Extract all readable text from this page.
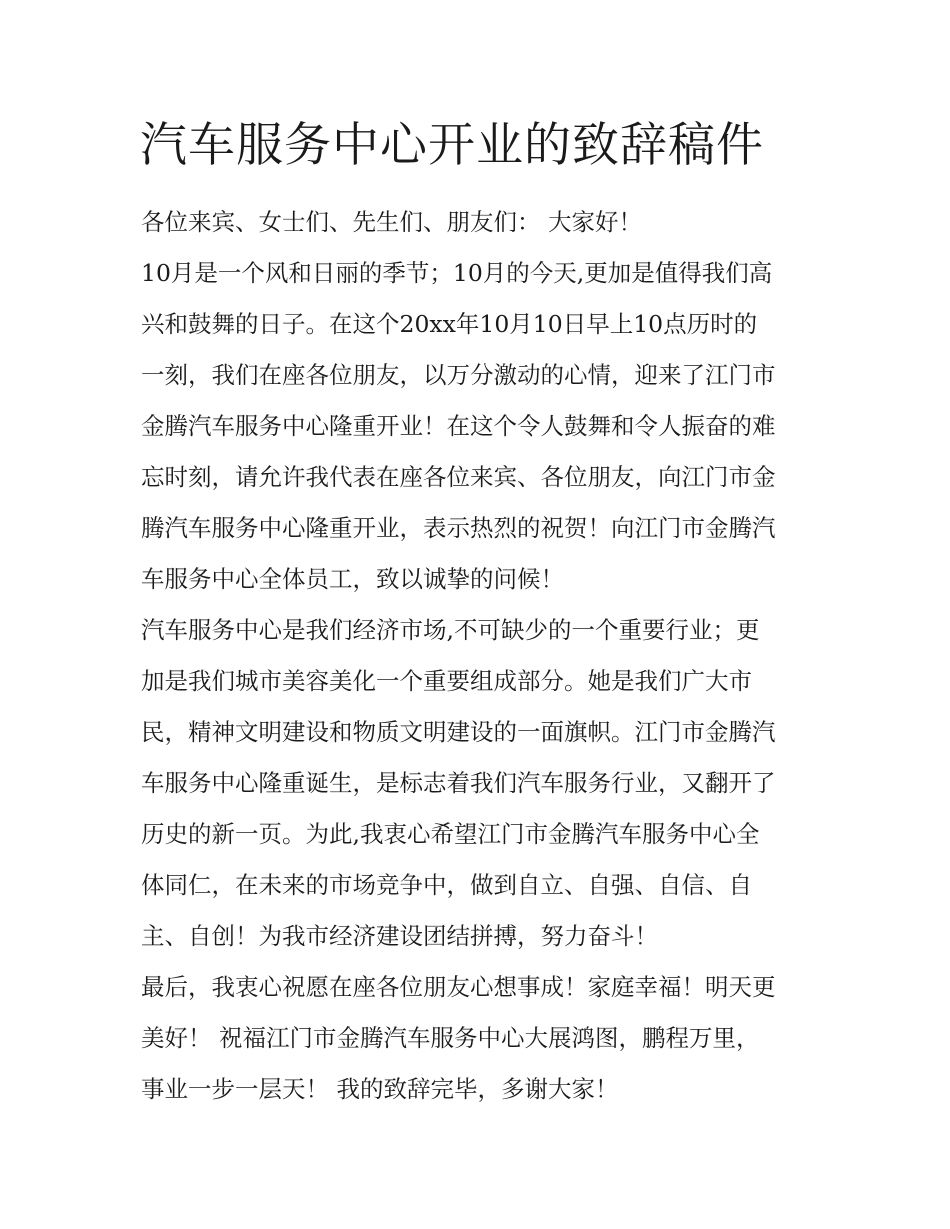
汽车服务中心开业的致辞稿件
各位来宾、女士们、先生们、朋友们： 大家好！
10月是一个风和日丽的季节；10月的今天,更加是值得我们高
兴和鼓舞的日子。在这个20xx年10月10日早上10点历时的
一刻，我们在座各位朋友，以万分激动的心情，迎来了江门市
金腾汽车服务中心隆重开业！在这个令人鼓舞和令人振奋的难
忘时刻，请允许我代表在座各位来宾、各位朋友，向江门市金
腾汽车服务中心隆重开业，表示热烈的祝贺！向江门市金腾汽
车服务中心全体员工，致以诚挚的问候！
汽车服务中心是我们经济市场,不可缺少的一个重要行业；更
加是我们城市美容美化一个重要组成部分。她是我们广大市
民，精神文明建设和物质文明建设的一面旗帜。江门市金腾汽
车服务中心隆重诞生，是标志着我们汽车服务行业，又翻开了
历史的新一页。为此,我衷心希望江门市金腾汽车服务中心全
体同仁，在未来的市场竞争中，做到自立、自强、自信、自
主、自创！为我市经济建设团结拼搏，努力奋斗！
最后，我衷心祝愿在座各位朋友心想事成！家庭幸福！明天更
美好！ 祝福江门市金腾汽车服务中心大展鸿图，鹏程万里，
事业一步一层天！ 我的致辞完毕，多谢大家！
